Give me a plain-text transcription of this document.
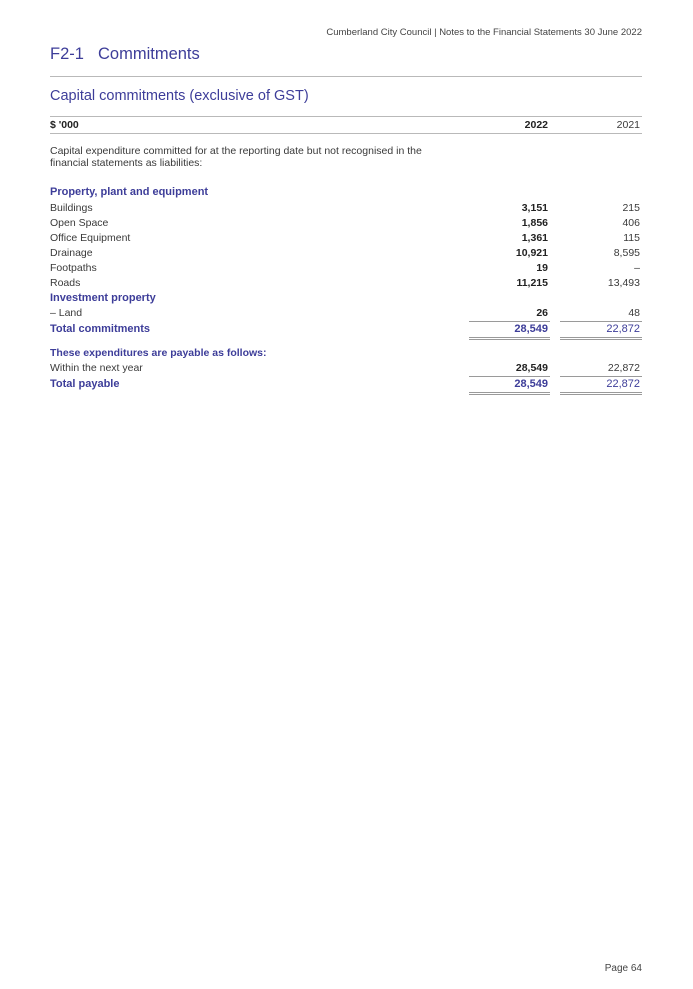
Cumberland City Council | Notes to the Financial Statements 30 June 2022
F2-1 Commitments
Capital commitments (exclusive of GST)
$ '000	2022	2021
Capital expenditure committed for at the reporting date but not recognised in the financial statements as liabilities:
Property, plant and equipment
Buildings	3,151	215
Open Space	1,856	406
Office Equipment	1,361	115
Drainage	10,921	8,595
Footpaths	19	–
Roads	11,215	13,493
Investment property
– Land	26	48
Total commitments	28,549	22,872
These expenditures are payable as follows:
Within the next year	28,549	22,872
Total payable	28,549	22,872
Page 64
